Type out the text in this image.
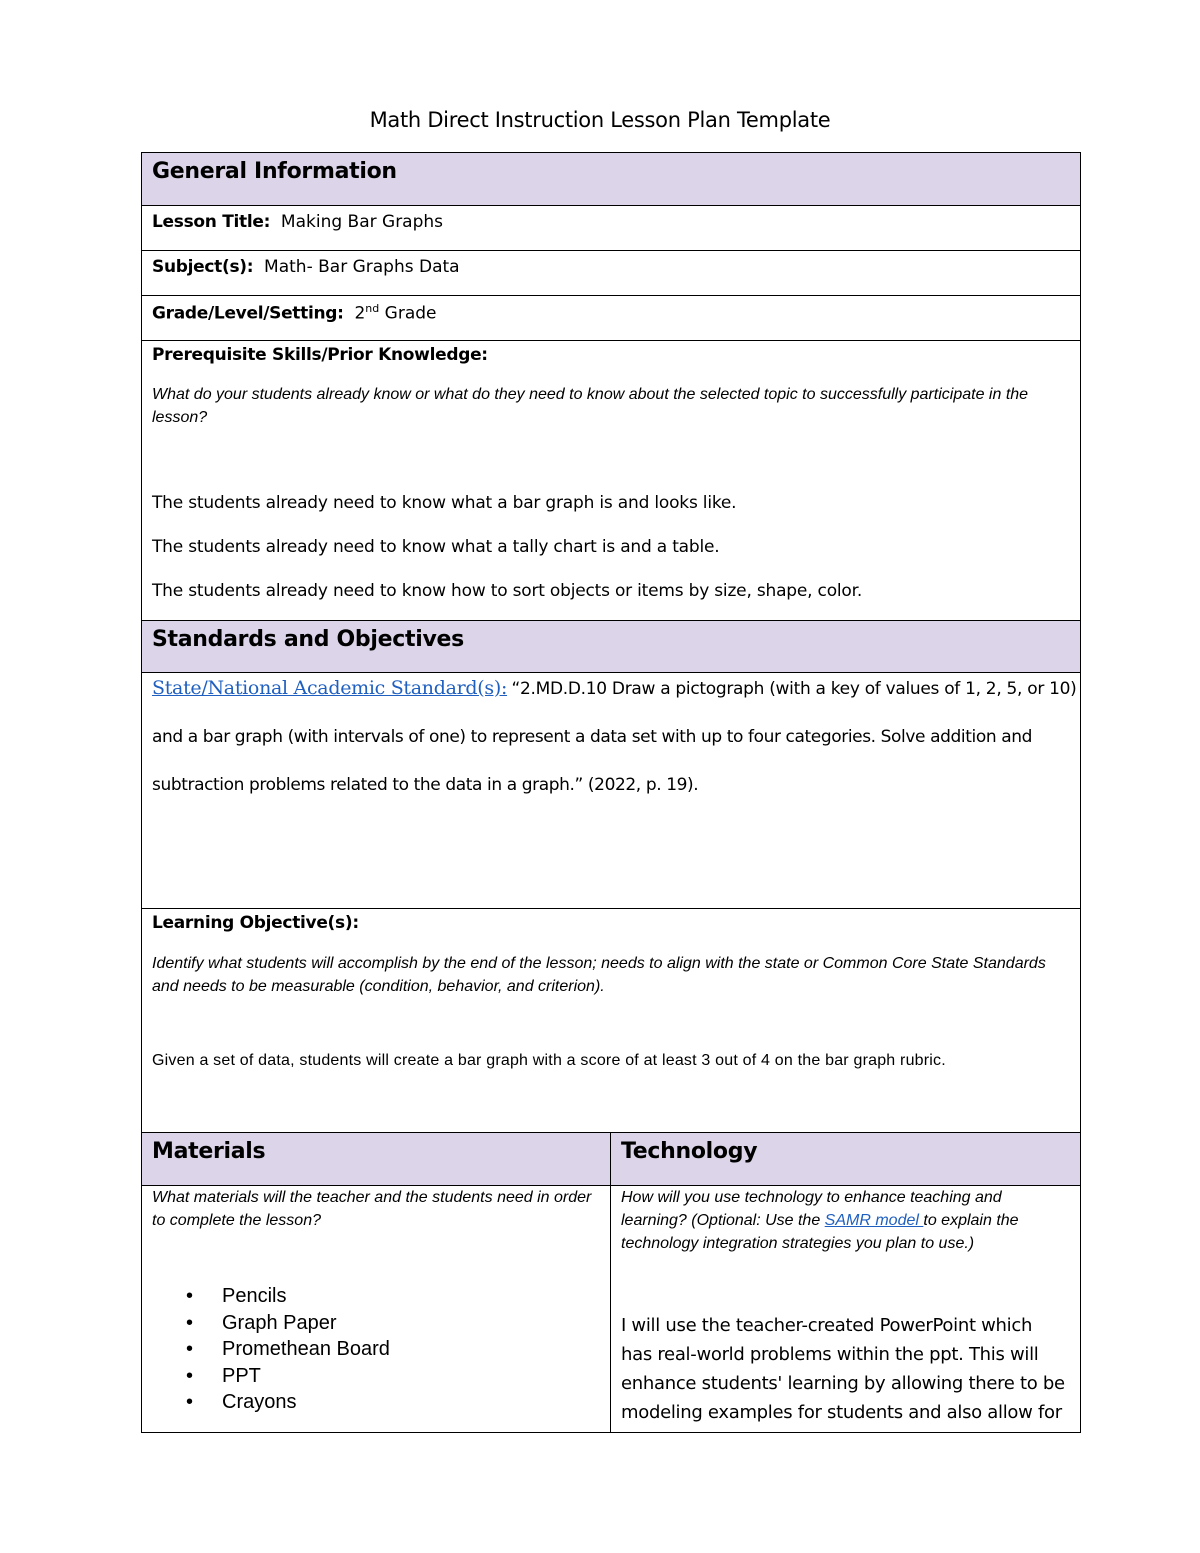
Math Direct Instruction Lesson Plan Template
General Information
Lesson Title: Making Bar Graphs
Subject(s): Math- Bar Graphs Data
Grade/Level/Setting: 2nd Grade
Prerequisite Skills/Prior Knowledge:
What do your students already know or what do they need to know about the selected topic to successfully participate in the lesson?
The students already need to know what a bar graph is and looks like.
The students already need to know what a tally chart is and a table.
The students already need to know how to sort objects or items by size, shape, color.
Standards and Objectives
State/National Academic Standard(s): “2.MD.D.10 Draw a pictograph (with a key of values of 1, 2, 5, or 10)
and a bar graph (with intervals of one) to represent a data set with up to four categories. Solve addition and
subtraction problems related to the data in a graph.” (2022, p. 19).
Learning Objective(s):
Identify what students will accomplish by the end of the lesson; needs to align with the state or Common Core State Standards and needs to be measurable (condition, behavior, and criterion).
Given a set of data, students will create a bar graph with a score of at least 3 out of 4 on the bar graph rubric.
Materials	Technology
What materials will the teacher and the students need in order to complete the lesson?
• Pencils
• Graph Paper
• Promethean Board
• PPT
• Crayons
How will you use technology to enhance teaching and learning? (Optional: Use the SAMR model to explain the technology integration strategies you plan to use.)
I will use the teacher-created PowerPoint which
has real-world problems within the ppt. This will
enhance students' learning by allowing there to be
modeling examples for students and also allow for
